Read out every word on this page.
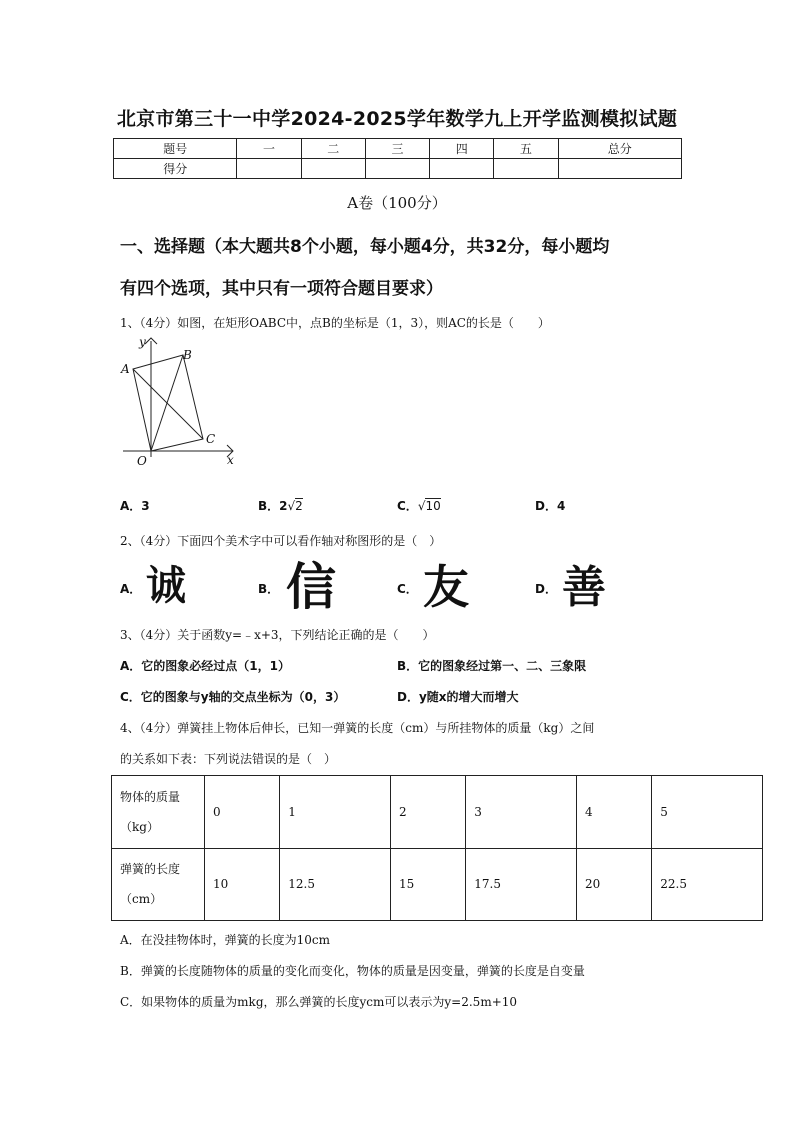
北京市第三十一中学2024-2025学年数学九上开学监测模拟试题
题号	一	二	三	四	五	总分
得分						
A卷（100分）
一、选择题（本大题共8个小题，每小题4分，共32分，每小题均
有四个选项，其中只有一项符合题目要求）
1、（4分）如图，在矩形OABC中，点B的坐标是（1，3），则AC的长是（　　）
y
x
A
B
C
O
A．3	B．2√2	C．√10	D．4
2、（4分）下面四个美术字中可以看作轴对称图形的是（　）
A． 诚	B． 信	C． 友	D． 善
3、（4分）关于函数y=﹣x+3，下列结论正确的是（　　）
A．它的图象必经过点（1，1）	B．它的图象经过第一、二、三象限
C．它的图象与y轴的交点坐标为（0，3）	D．y随x的增大而增大
4、（4分）弹簧挂上物体后伸长，已知一弹簧的长度（cm）与所挂物体的质量（kg）之间
的关系如下表：下列说法错误的是（　）
物体的质量
（kg）	0	1	2	3	4	5

弹簧的长度
（cm）	10	12.5	15	17.5	20	22.5
A．在没挂物体时，弹簧的长度为10cm
B．弹簧的长度随物体的质量的变化而变化，物体的质量是因变量，弹簧的长度是自变量
C．如果物体的质量为mkg，那么弹簧的长度ycm可以表示为y=2.5m+10
